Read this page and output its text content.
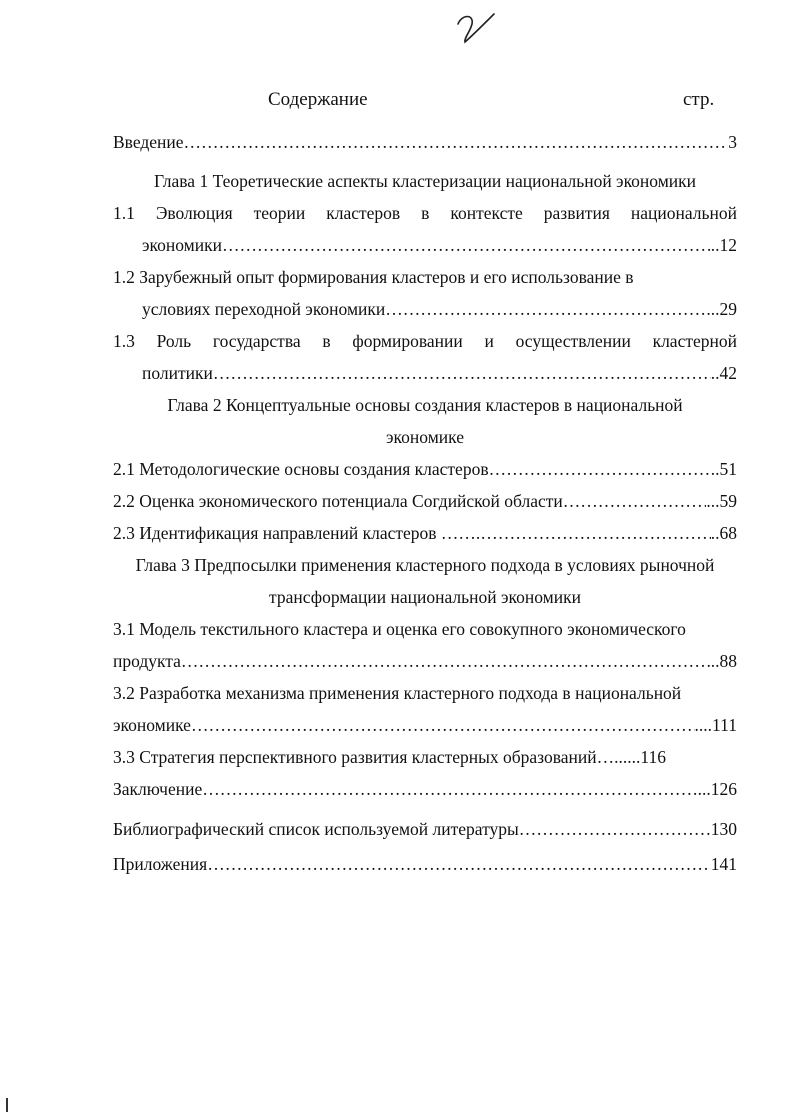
Содержание	стр.
Введение ………………………………………………………………………………………………………………………………………………	3
Глава 1 Теоретические аспекты кластеризации национальной экономики
1.1 Эволюция теории кластеров в контексте развития национальной
экономики ………………………………………………………………………………………………………………………………………………	..12
1.2 Зарубежный опыт формирования кластеров и его использование в
условиях переходной экономики ………………………………………………………………………………………………………………………………………………	...29
1.3 Роль государства в формировании и осуществлении кластерной
политики ………………………………………………………………………………………………………………………………………………	..42
Глава 2 Концептуальные основы создания кластеров в национальной
экономике
2.1 Методологические основы создания кластеров ………………………………………………………………………………………………………………………………………………	..51
2.2 Оценка экономического потенциала Согдийской области ………………………………………………………………………………………………………………………………………………	...59
2.3 Идентификация направлений кластеров ……. ………………………………………………………………………………………………………………………………………………	..68
Глава 3 Предпосылки применения кластерного подхода в условиях рыночной
трансформации национальной экономики
3.1 Модель текстильного кластера и оценка его совокупного экономического
продукта ………………………………………………………………………………………………………………………………………………	..88
3.2 Разработка механизма применения кластерного подхода в национальной
экономике ………………………………………………………………………………………………………………………………………………	....111
3.3 Стратегия перспективного развития кластерных образований …......116
Заключение ………………………………………………………………………………………………………………………………………………	...126
Библиографический список используемой литературы ………………………………………………………………………………………………………………………………………………	130
Приложения ………………………………………………………………………………………………………………………………………………	141
